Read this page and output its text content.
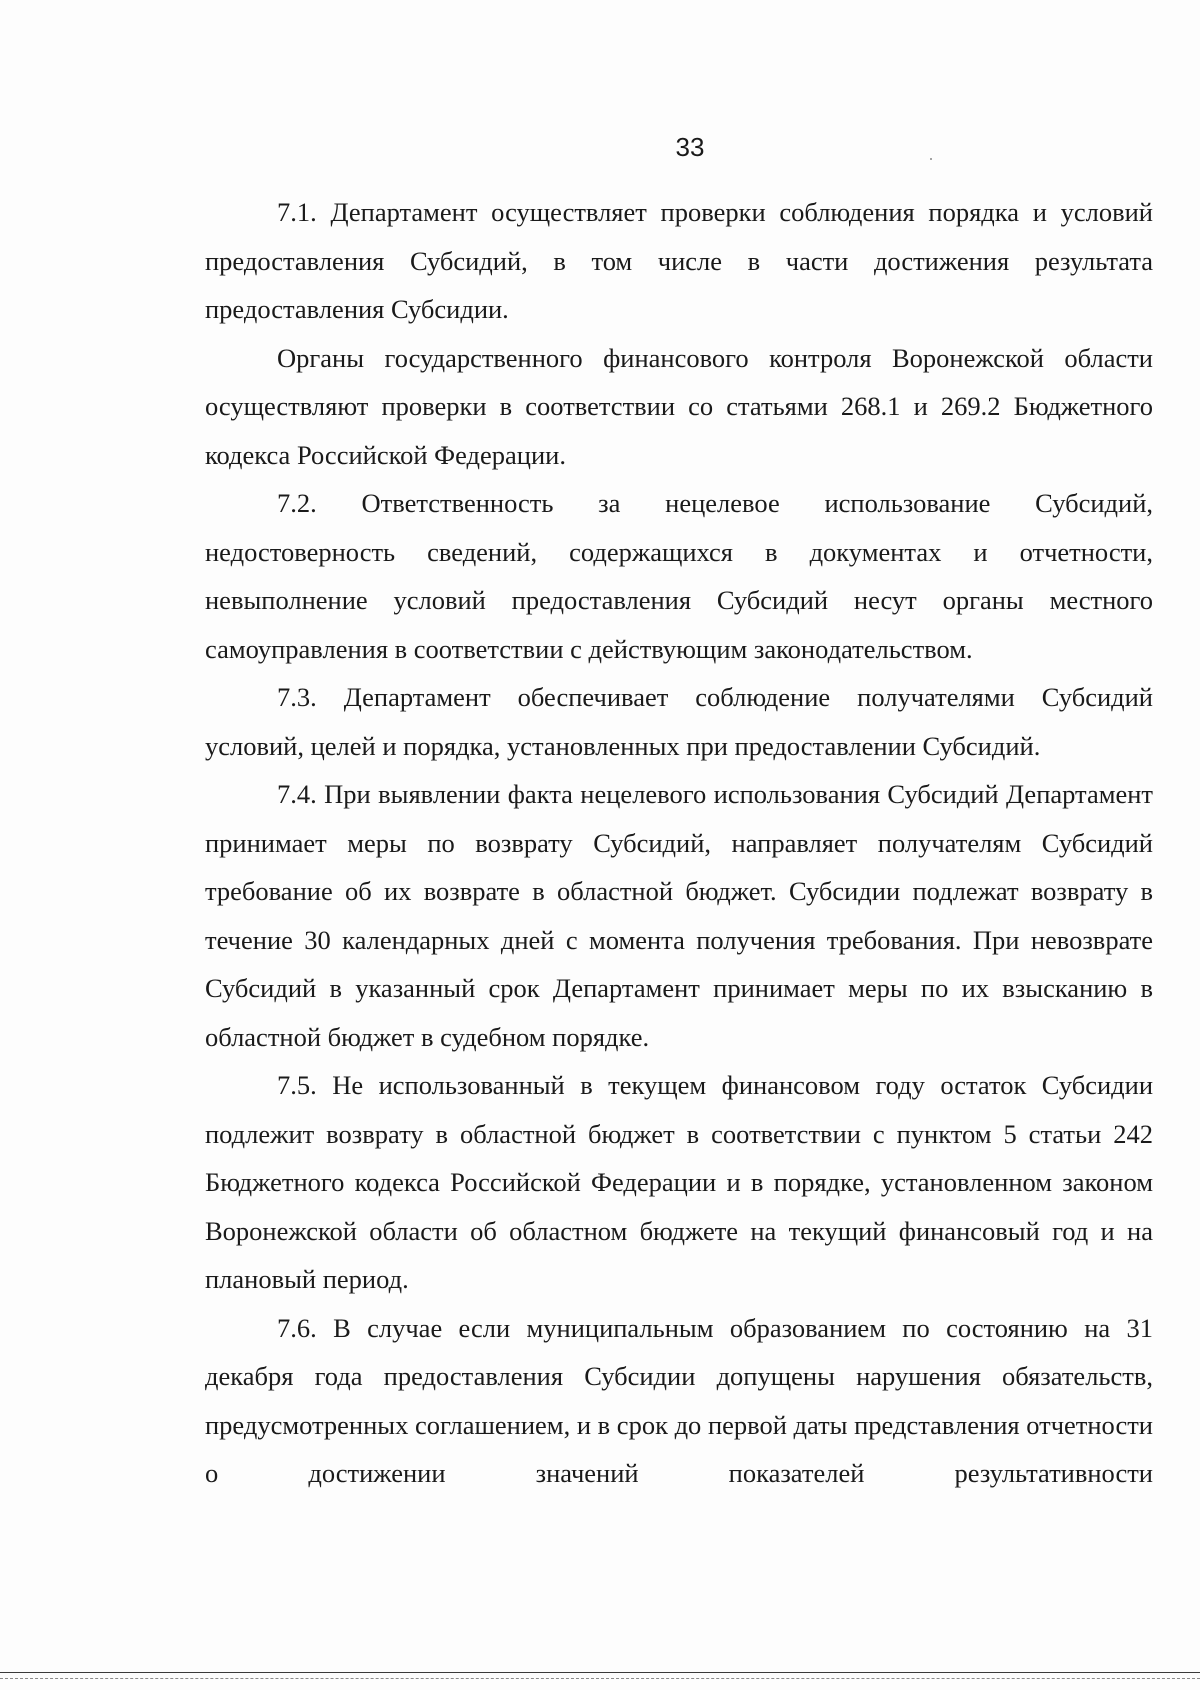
33

7.1. Департамент осуществляет проверки соблюдения порядка и условий предоставления Субсидий, в том числе в части достижения результата предоставления Субсидии.

Органы государственного финансового контроля Воронежской области осуществляют проверки в соответствии со статьями 268.1 и 269.2 Бюджетного кодекса Российской Федерации.

7.2. Ответственность за нецелевое использование Субсидий, недостоверность сведений, содержащихся в документах и отчетности, невыполнение условий предоставления Субсидий несут органы местного самоуправления в соответствии с действующим законодательством.

7.3. Департамент обеспечивает соблюдение получателями Субсидий условий, целей и порядка, установленных при предоставлении Субсидий.

7.4. При выявлении факта нецелевого использования Субсидий Департамент принимает меры по возврату Субсидий, направляет получателям Субсидий требование об их возврате в областной бюджет. Субсидии подлежат возврату в течение 30 календарных дней с момента получения требования. При невозврате Субсидий в указанный срок Департамент принимает меры по их взысканию в областной бюджет в судебном порядке.

7.5. Не использованный в текущем финансовом году остаток Субсидии подлежит возврату в областной бюджет в соответствии с пунктом 5 статьи 242 Бюджетного кодекса Российской Федерации и в порядке, установленном законом Воронежской области об областном бюджете на текущий финансовый год и на плановый период.

7.6. В случае если муниципальным образованием по состоянию на 31 декабря года предоставления Субсидии допущены нарушения обязательств, предусмотренных соглашением, и в срок до первой даты представления отчетности о достижении значений показателей результативности
